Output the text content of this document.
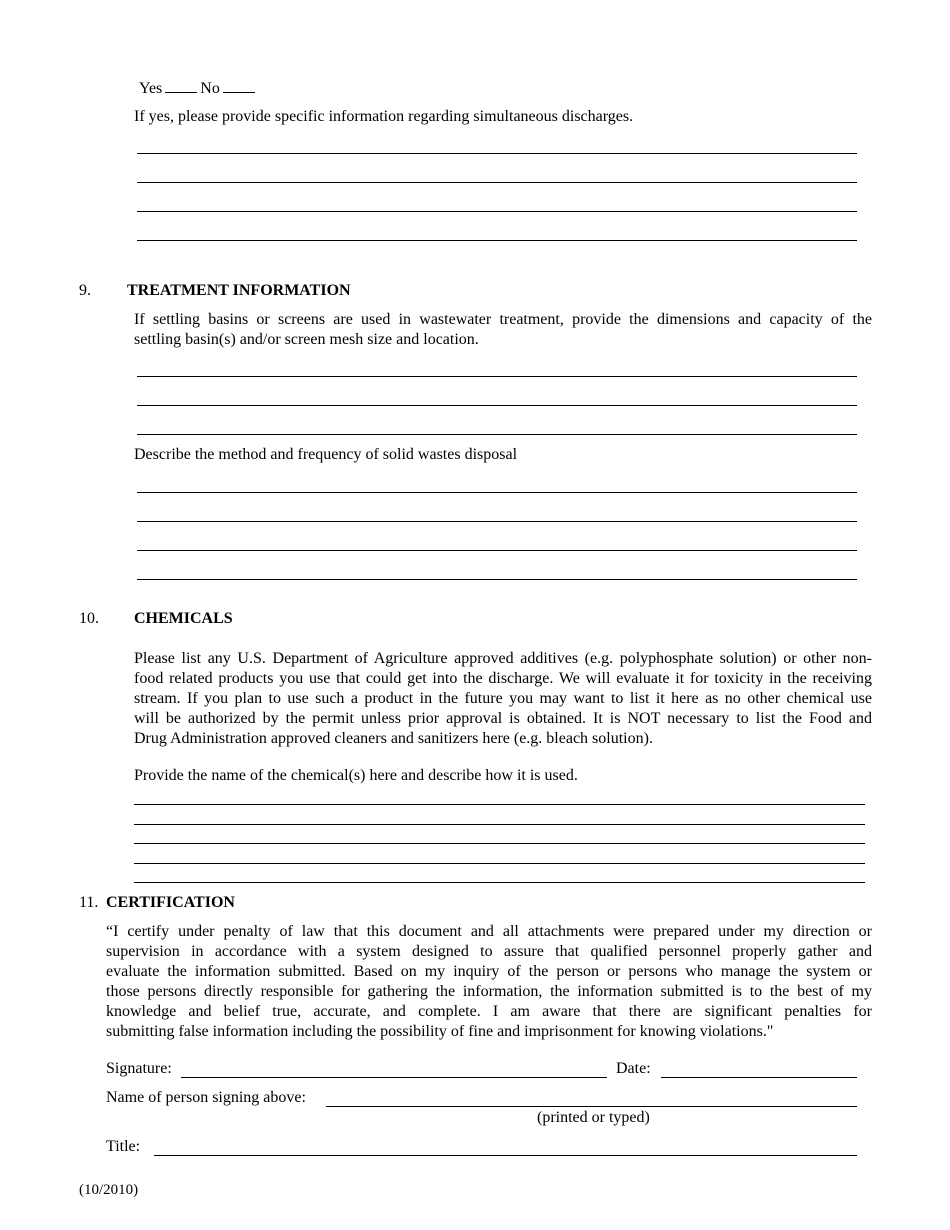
Yes No
If yes, please provide specific information regarding simultaneous discharges.
9. TREATMENT INFORMATION
If settling basins or screens are used in wastewater treatment, provide the dimensions and capacity of the
settling basin(s) and/or screen mesh size and location.
Describe the method and frequency of solid wastes disposal
10. CHEMICALS
Please list any U.S. Department of Agriculture approved additives (e.g. polyphosphate solution) or other non-
food related products you use that could get into the discharge. We will evaluate it for toxicity in the receiving
stream. If you plan to use such a product in the future you may want to list it here as no other chemical use
will be authorized by the permit unless prior approval is obtained. It is NOT necessary to list the Food and
Drug Administration approved cleaners and sanitizers here (e.g. bleach solution).
Provide the name of the chemical(s) here and describe how it is used.
11. CERTIFICATION
“I certify under penalty of law that this document and all attachments were prepared under my direction or
supervision in accordance with a system designed to assure that qualified personnel properly gather and
evaluate the information submitted. Based on my inquiry of the person or persons who manage the system or
those persons directly responsible for gathering the information, the information submitted is to the best of my
knowledge and belief true, accurate, and complete. I am aware that there are significant penalties for
submitting false information including the possibility of fine and imprisonment for knowing violations."
Signature:	Date:
Name of person signing above:
(printed or typed)
Title:
(10/2010)
